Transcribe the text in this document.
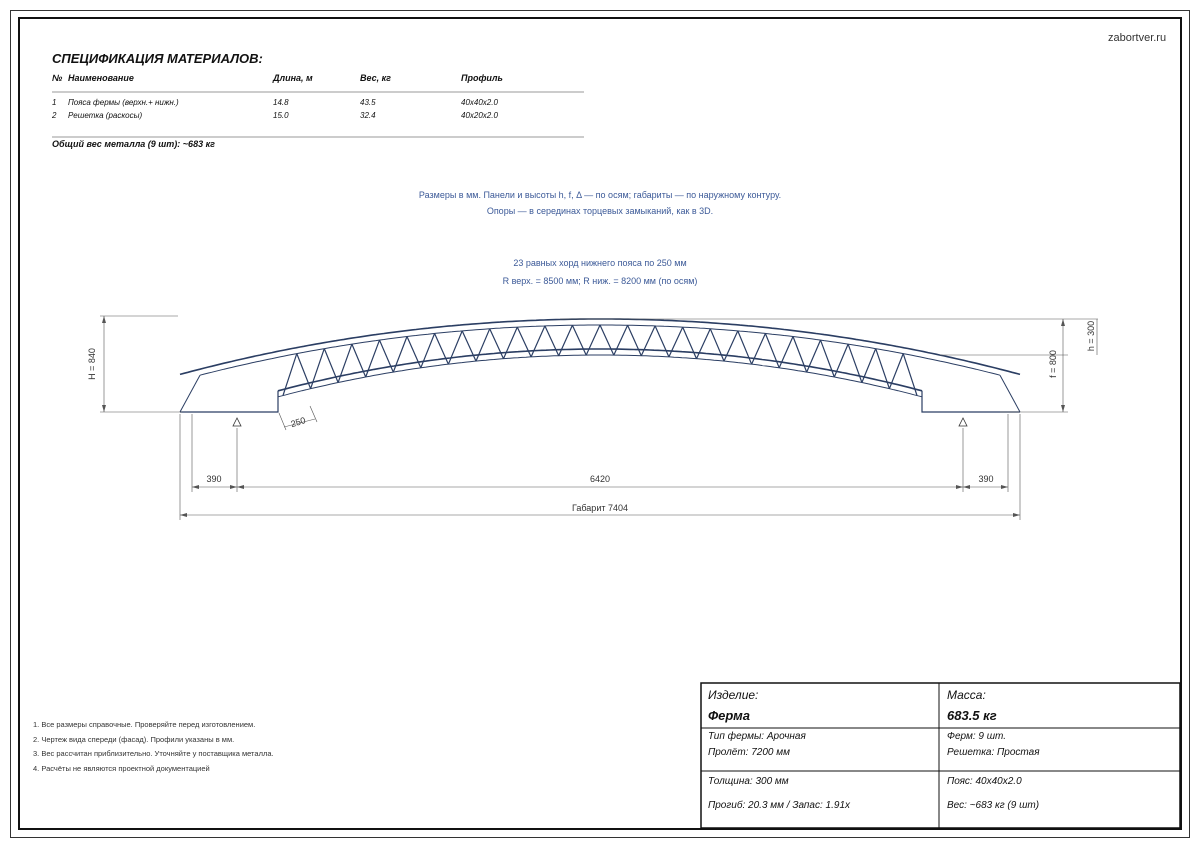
H = 840
h = 300
f = 800
250
390	6420	390
Габарит 7404
zabortver.ru
СПЕЦИФИКАЦИЯ МАТЕРИАЛОВ:
№ Наименование	Длина, м	Вес, кг	Профиль
1 Пояса фермы (верхн.+ нижн.)	14.8	43.5	40х40х2.0
2 Решетка (раскосы)	15.0	32.4	40х20х2.0
Общий вес металла (9 шт): ~683 кг
Размеры в мм. Панели и высоты h, f, Δ — по осям; габариты — по наружному контуру.
Опоры — в серединах торцевых замыканий, как в 3D.
23 равных хорд нижнего пояса по 250 мм
R верх. = 8500 мм; R ниж. = 8200 мм (по осям)
1. Все размеры справочные. Проверяйте перед изготовлением.
2. Чертеж вида спереди (фасад). Профили указаны в мм.
3. Вес рассчитан приблизительно. Уточняйте у поставщика металла.
4. Расчёты не являются проектной документацией
Изделие:
Ферма
Масса:
683.5 кг
Тип фермы: Арочная
Пролёт: 7200 мм
Ферм: 9 шт.
Решетка: Простая
Толщина: 300 мм	Пояс: 40х40х2.0
Прогиб: 20.3 мм / Запас: 1.91x	Вес: ~683 кг (9 шт)
